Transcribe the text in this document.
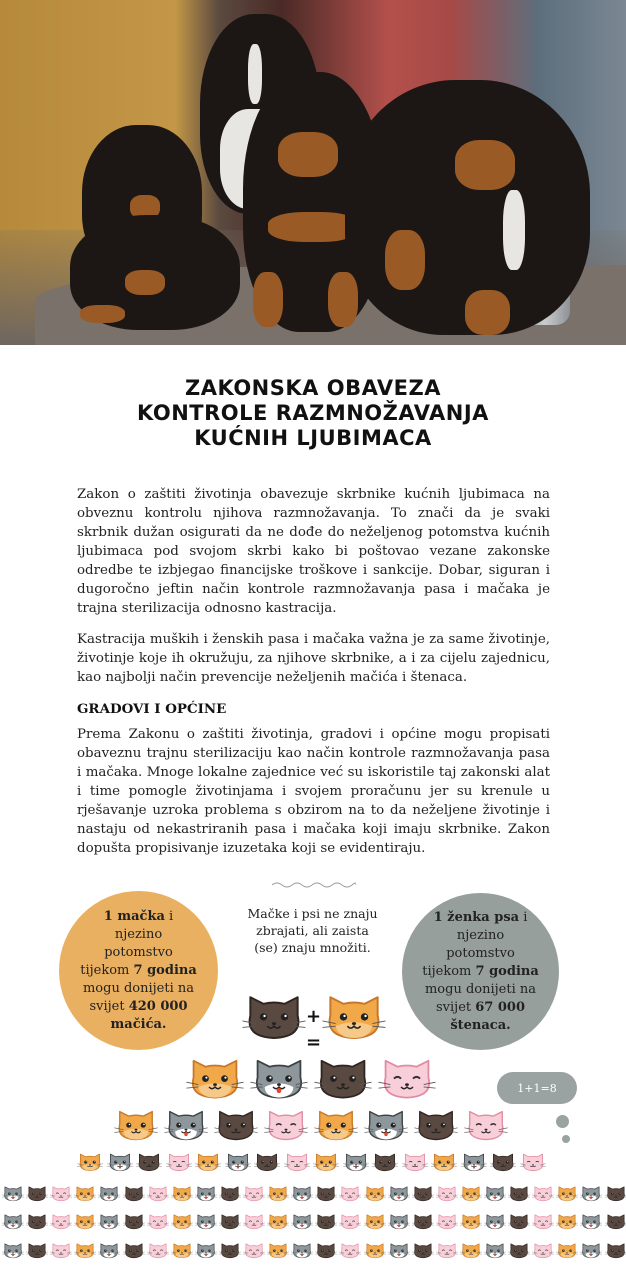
ZAKONSKA OBAVEZA
KONTROLE RAZMNOŽAVANJA
KUĆNIH LJUBIMACA

Zakon o zaštiti životinja obavezuje skrbnike kućnih ljubimaca na obveznu kontrolu njihova razmnožavanja. To znači da je svaki skrbnik dužan osigurati da ne dođe do neželjenog potomstva kućnih ljubimaca pod svojom skrbi kako bi poštovao vezane zakonske odredbe te izbjegao financijske troškove i sankcije. Dobar, siguran i dugoročno jeftin način kontrole razmnožavanja pasa i mačaka je trajna sterilizacija odnosno kastracija.

Kastracija muških i ženskih pasa i mačaka važna je za same životinje, životinje koje ih okružuju, za njihove skrbnike, a i za cijelu zajednicu, kao najbolji način prevencije neželjenih mačića i štenaca.

GRADOVI I OPĆINE

Prema Zakonu o zaštiti životinja, gradovi i općine mogu propisati obaveznu trajnu sterilizaciju kao način kontrole razmnožavanja pasa i mačaka. Mnoge lokalne zajednice već su iskoristile taj zakonski alat i time pomogle životinjama i svojem proračunu jer su krenule u rješavanje uzroka problema s obzirom na to da neželjene životinje i nastaju od nekastriranih pasa i mačaka koji imaju skrbnike. Zakon dopušta propisivanje izuzetaka koji se evidentiraju.

1 mačka i njezino potomstvo tijekom 7 godina mogu donijeti na svijet 420 000 mačića.
1 ženka psa i njezino potomstvo tijekom 7 godina mogu donijeti na svijet 67 000 štenaca.
Mačke i psi ne znaju zbrajati, ali zaista (se) znaju množiti.
+
=
1+1=8
